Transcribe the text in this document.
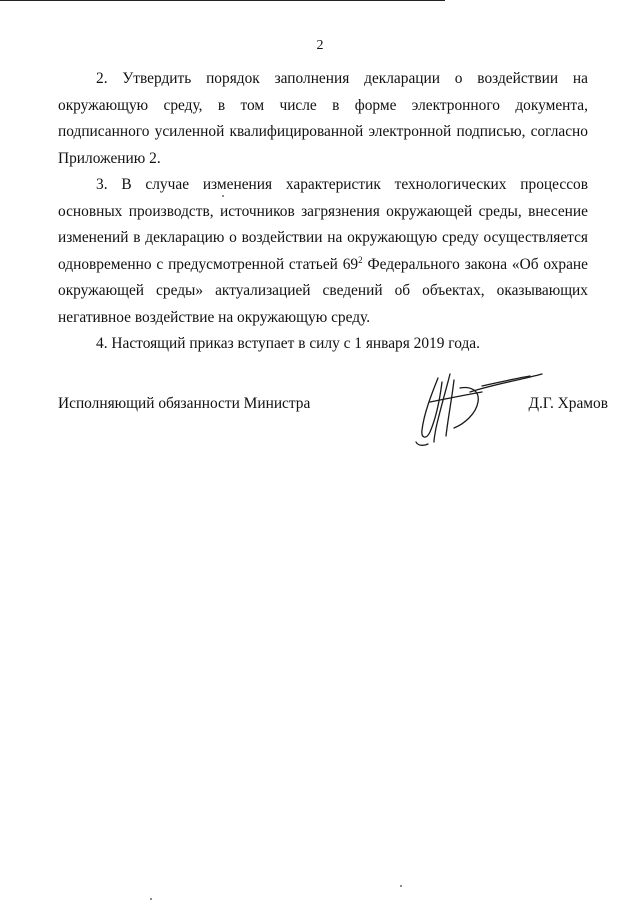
2

2. Утвердить порядок заполнения декларации о воздействии на окружающую среду, в том числе в форме электронного документа, подписанного усиленной квалифицированной электронной подписью, согласно Приложению 2.

3. В случае изменения характеристик технологических процессов основных производств, источников загрязнения окружающей среды, внесение изменений в декларацию о воздействии на окружающую среду осуществляется одновременно с предусмотренной статьей $69^2$ Федерального закона «Об охране окружающей среды» актуализацией сведений об объектах, оказывающих негативное воздействие на окружающую среду.

4. Настоящий приказ вступает в силу с 1 января 2019 года.

Исполняющий обязанности Министра	Д.Г. Храмов
